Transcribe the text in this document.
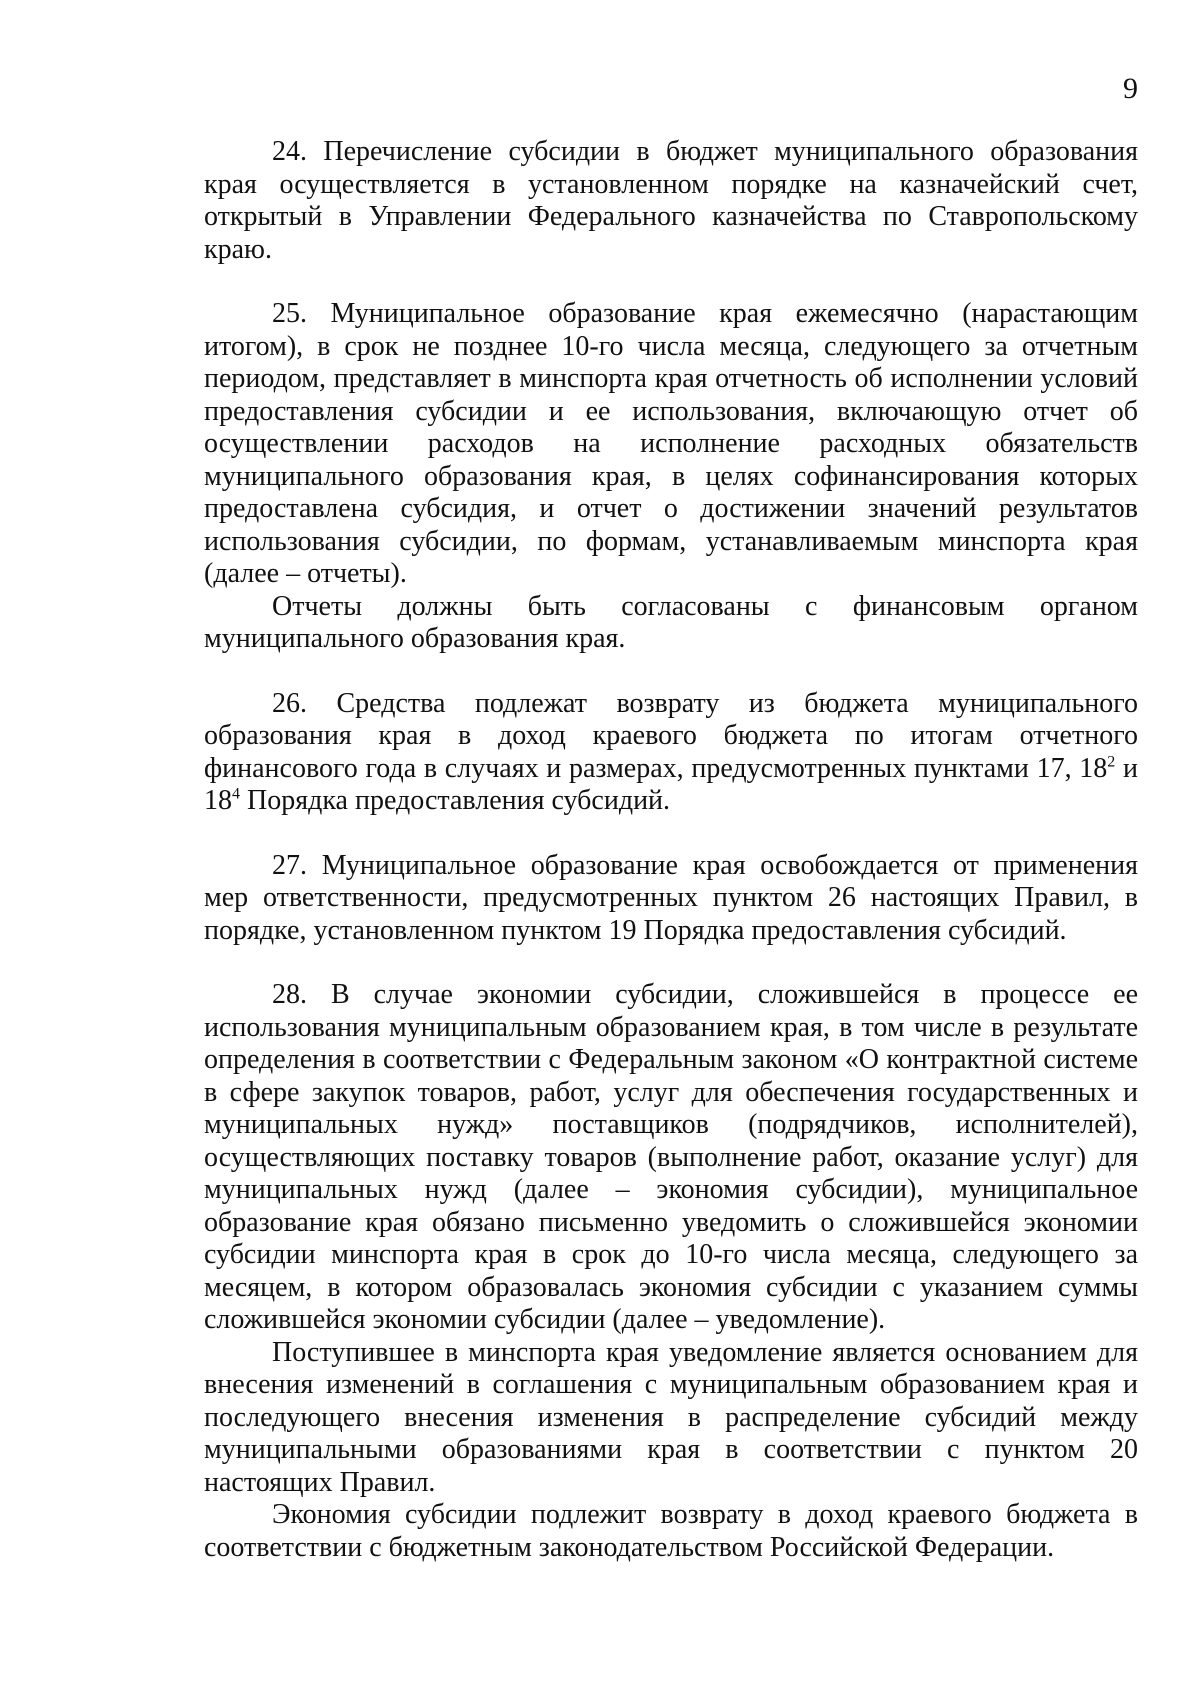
9

24. Перечисление субсидии в бюджет муниципального образования края осуществляется в установленном порядке на казначейский счет, открытый в Управлении Федерального казначейства по Ставропольскому краю.

25. Муниципальное образование края ежемесячно (нарастающим итогом), в срок не позднее 10-го числа месяца, следующего за отчетным периодом, представляет в минспорта края отчетность об исполнении условий предоставления субсидии и ее использования, включающую отчет об осуществлении расходов на исполнение расходных обязательств муниципального образования края, в целях софинансирования которых предоставлена субсидия, и отчет о достижении значений результатов использования субсидии, по формам, устанавливаемым минспорта края (далее – отчеты).

Отчеты должны быть согласованы с финансовым органом муниципального образования края.

26. Средства подлежат возврату из бюджета муниципального образования края в доход краевого бюджета по итогам отчетного финансового года в случаях и размерах, предусмотренных пунктами 17, $18^2$ и $18^4$ Порядка предоставления субсидий.

27. Муниципальное образование края освобождается от применения мер ответственности, предусмотренных пунктом 26 настоящих Правил, в порядке, установленном пунктом 19 Порядка предоставления субсидий.

28. В случае экономии субсидии, сложившейся в процессе ее использования муниципальным образованием края, в том числе в результате определения в соответствии с Федеральным законом «О контрактной системе в сфере закупок товаров, работ, услуг для обеспечения государственных и муниципальных нужд» поставщиков (подрядчиков, исполнителей), осуществляющих поставку товаров (выполнение работ, оказание услуг) для муниципальных нужд (далее – экономия субсидии), муниципальное образование края обязано письменно уведомить о сложившейся экономии субсидии минспорта края в срок до 10-го числа месяца, следующего за месяцем, в котором образовалась экономия субсидии с указанием суммы сложившейся экономии субсидии (далее – уведомление).

Поступившее в минспорта края уведомление является основанием для внесения изменений в соглашения с муниципальным образованием края и последующего внесения изменения в распределение субсидий между муниципальными образованиями края в соответствии с пунктом 20 настоящих Правил.

Экономия субсидии подлежит возврату в доход краевого бюджета в соответствии с бюджетным законодательством Российской Федерации.
